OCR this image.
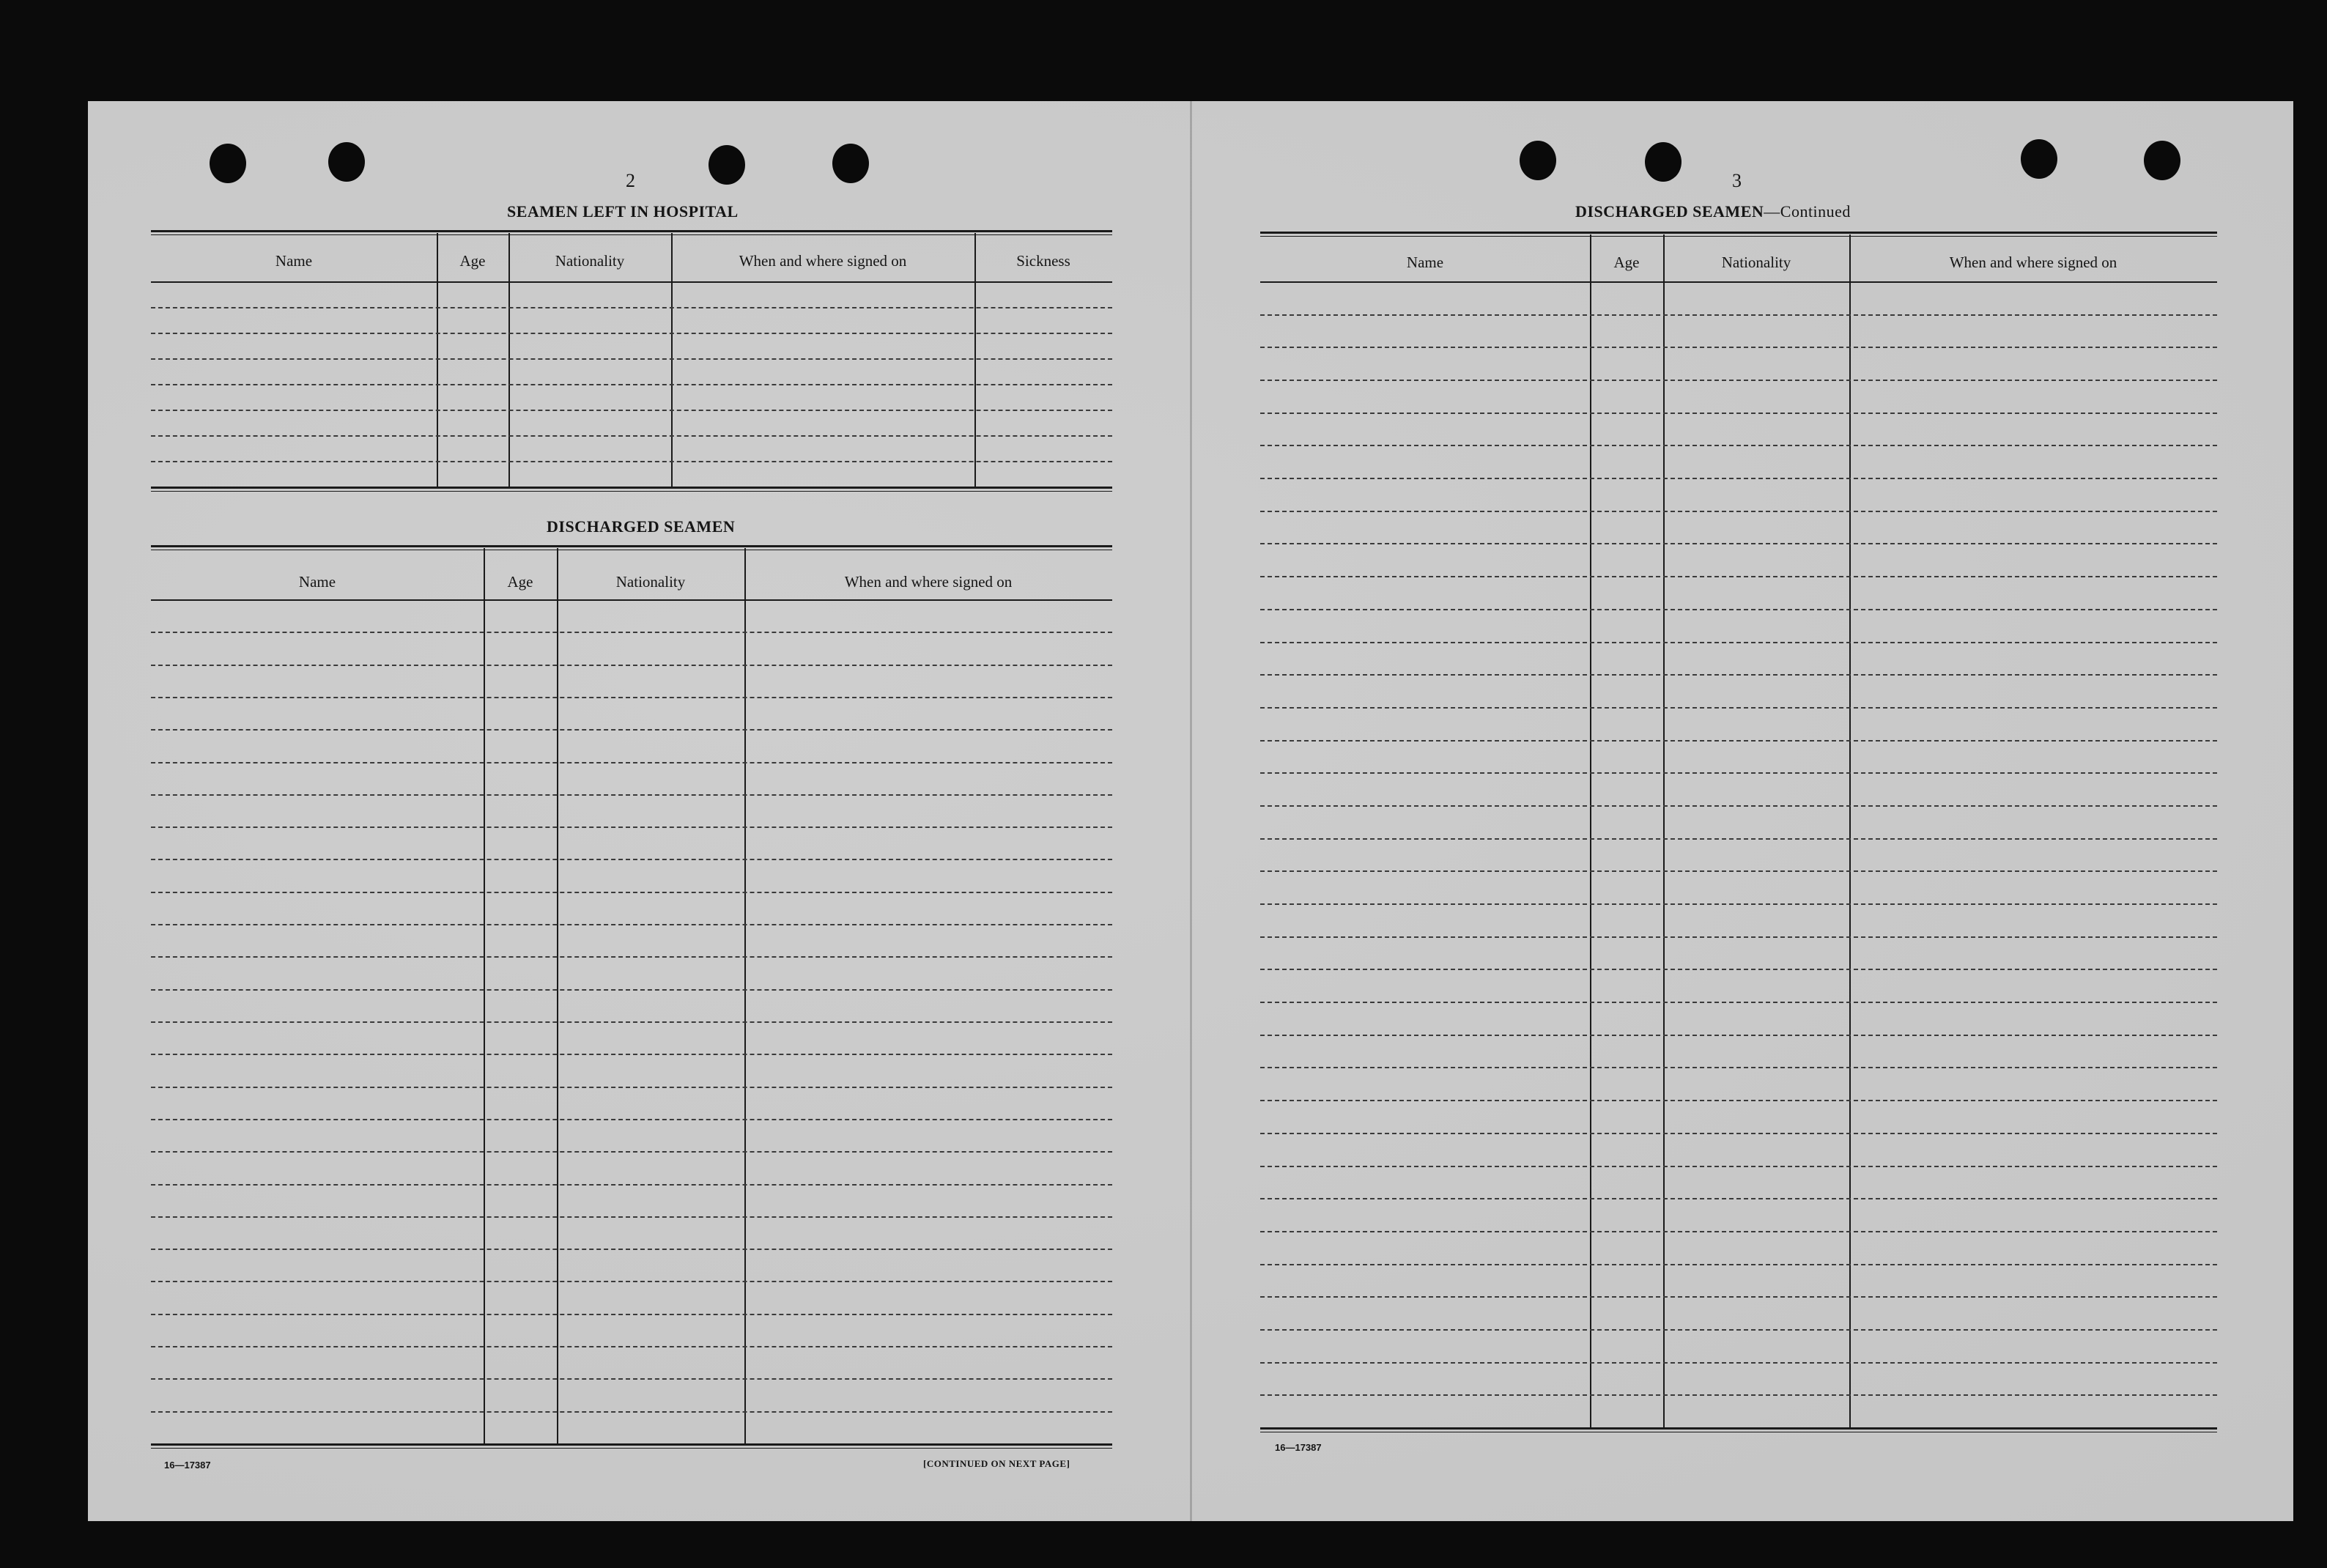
2
SEAMEN LEFT IN HOSPITAL
DISCHARGED SEAMEN
16—17387	[CONTINUED ON NEXT PAGE]
3
DISCHARGED SEAMEN—Continued
16—17387
Name	Age	Nationality	When and where signed on	Sickness
Name	Age	Nationality	When and where signed on
Name	Age	Nationality	When and where signed on
